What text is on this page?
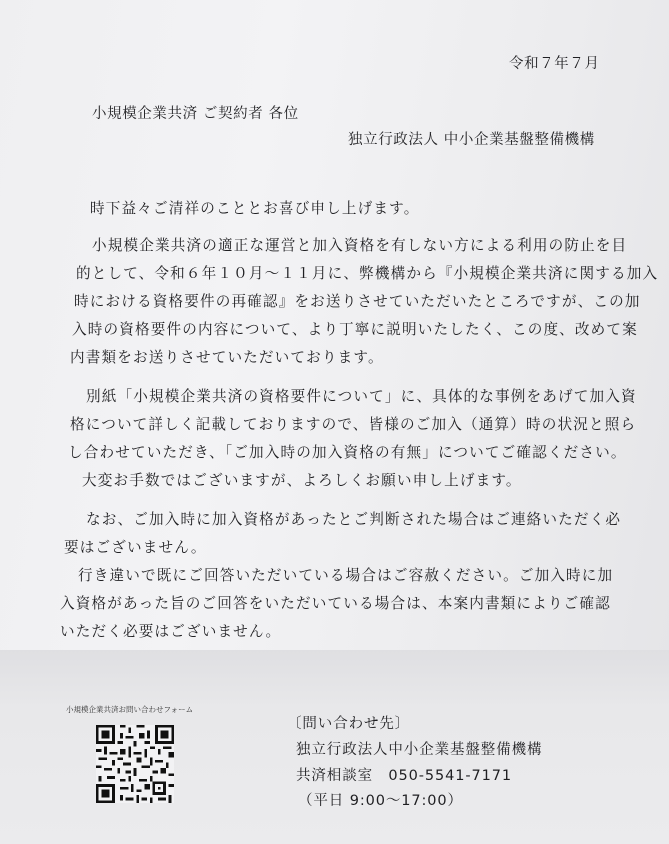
令和７年７月
小規模企業共済 ご契約者 各位
独立行政法人 中小企業基盤整備機構
時下益々ご清祥のこととお喜び申し上げます。
小規模企業共済の適正な運営と加入資格を有しない方による利用の防止を目
的として、令和６年１０月～１１月に、弊機構から『小規模企業共済に関する加入
時における資格要件の再確認』をお送りさせていただいたところですが、この加
入時の資格要件の内容について、より丁寧に説明いたしたく、この度、改めて案
内書類をお送りさせていただいております。
別紙「小規模企業共済の資格要件について」に、具体的な事例をあげて加入資
格について詳しく記載しておりますので、皆様のご加入（通算）時の状況と照ら
し合わせていただき、「ご加入時の加入資格の有無」についてご確認ください。
大変お手数ではございますが、よろしくお願い申し上げます。
なお、ご加入時に加入資格があったとご判断された場合はご連絡いただく必
要はございません。
行き違いで既にご回答いただいている場合はご容赦ください。ご加入時に加
入資格があった旨のご回答をいただいている場合は、本案内書類によりご確認
いただく必要はございません。
小規模企業共済お問い合わせフォーム
〔問い合わせ先〕
独立行政法人中小企業基盤整備機構
共済相談室　050-5541-7171
（平日 9:00～17:00）
